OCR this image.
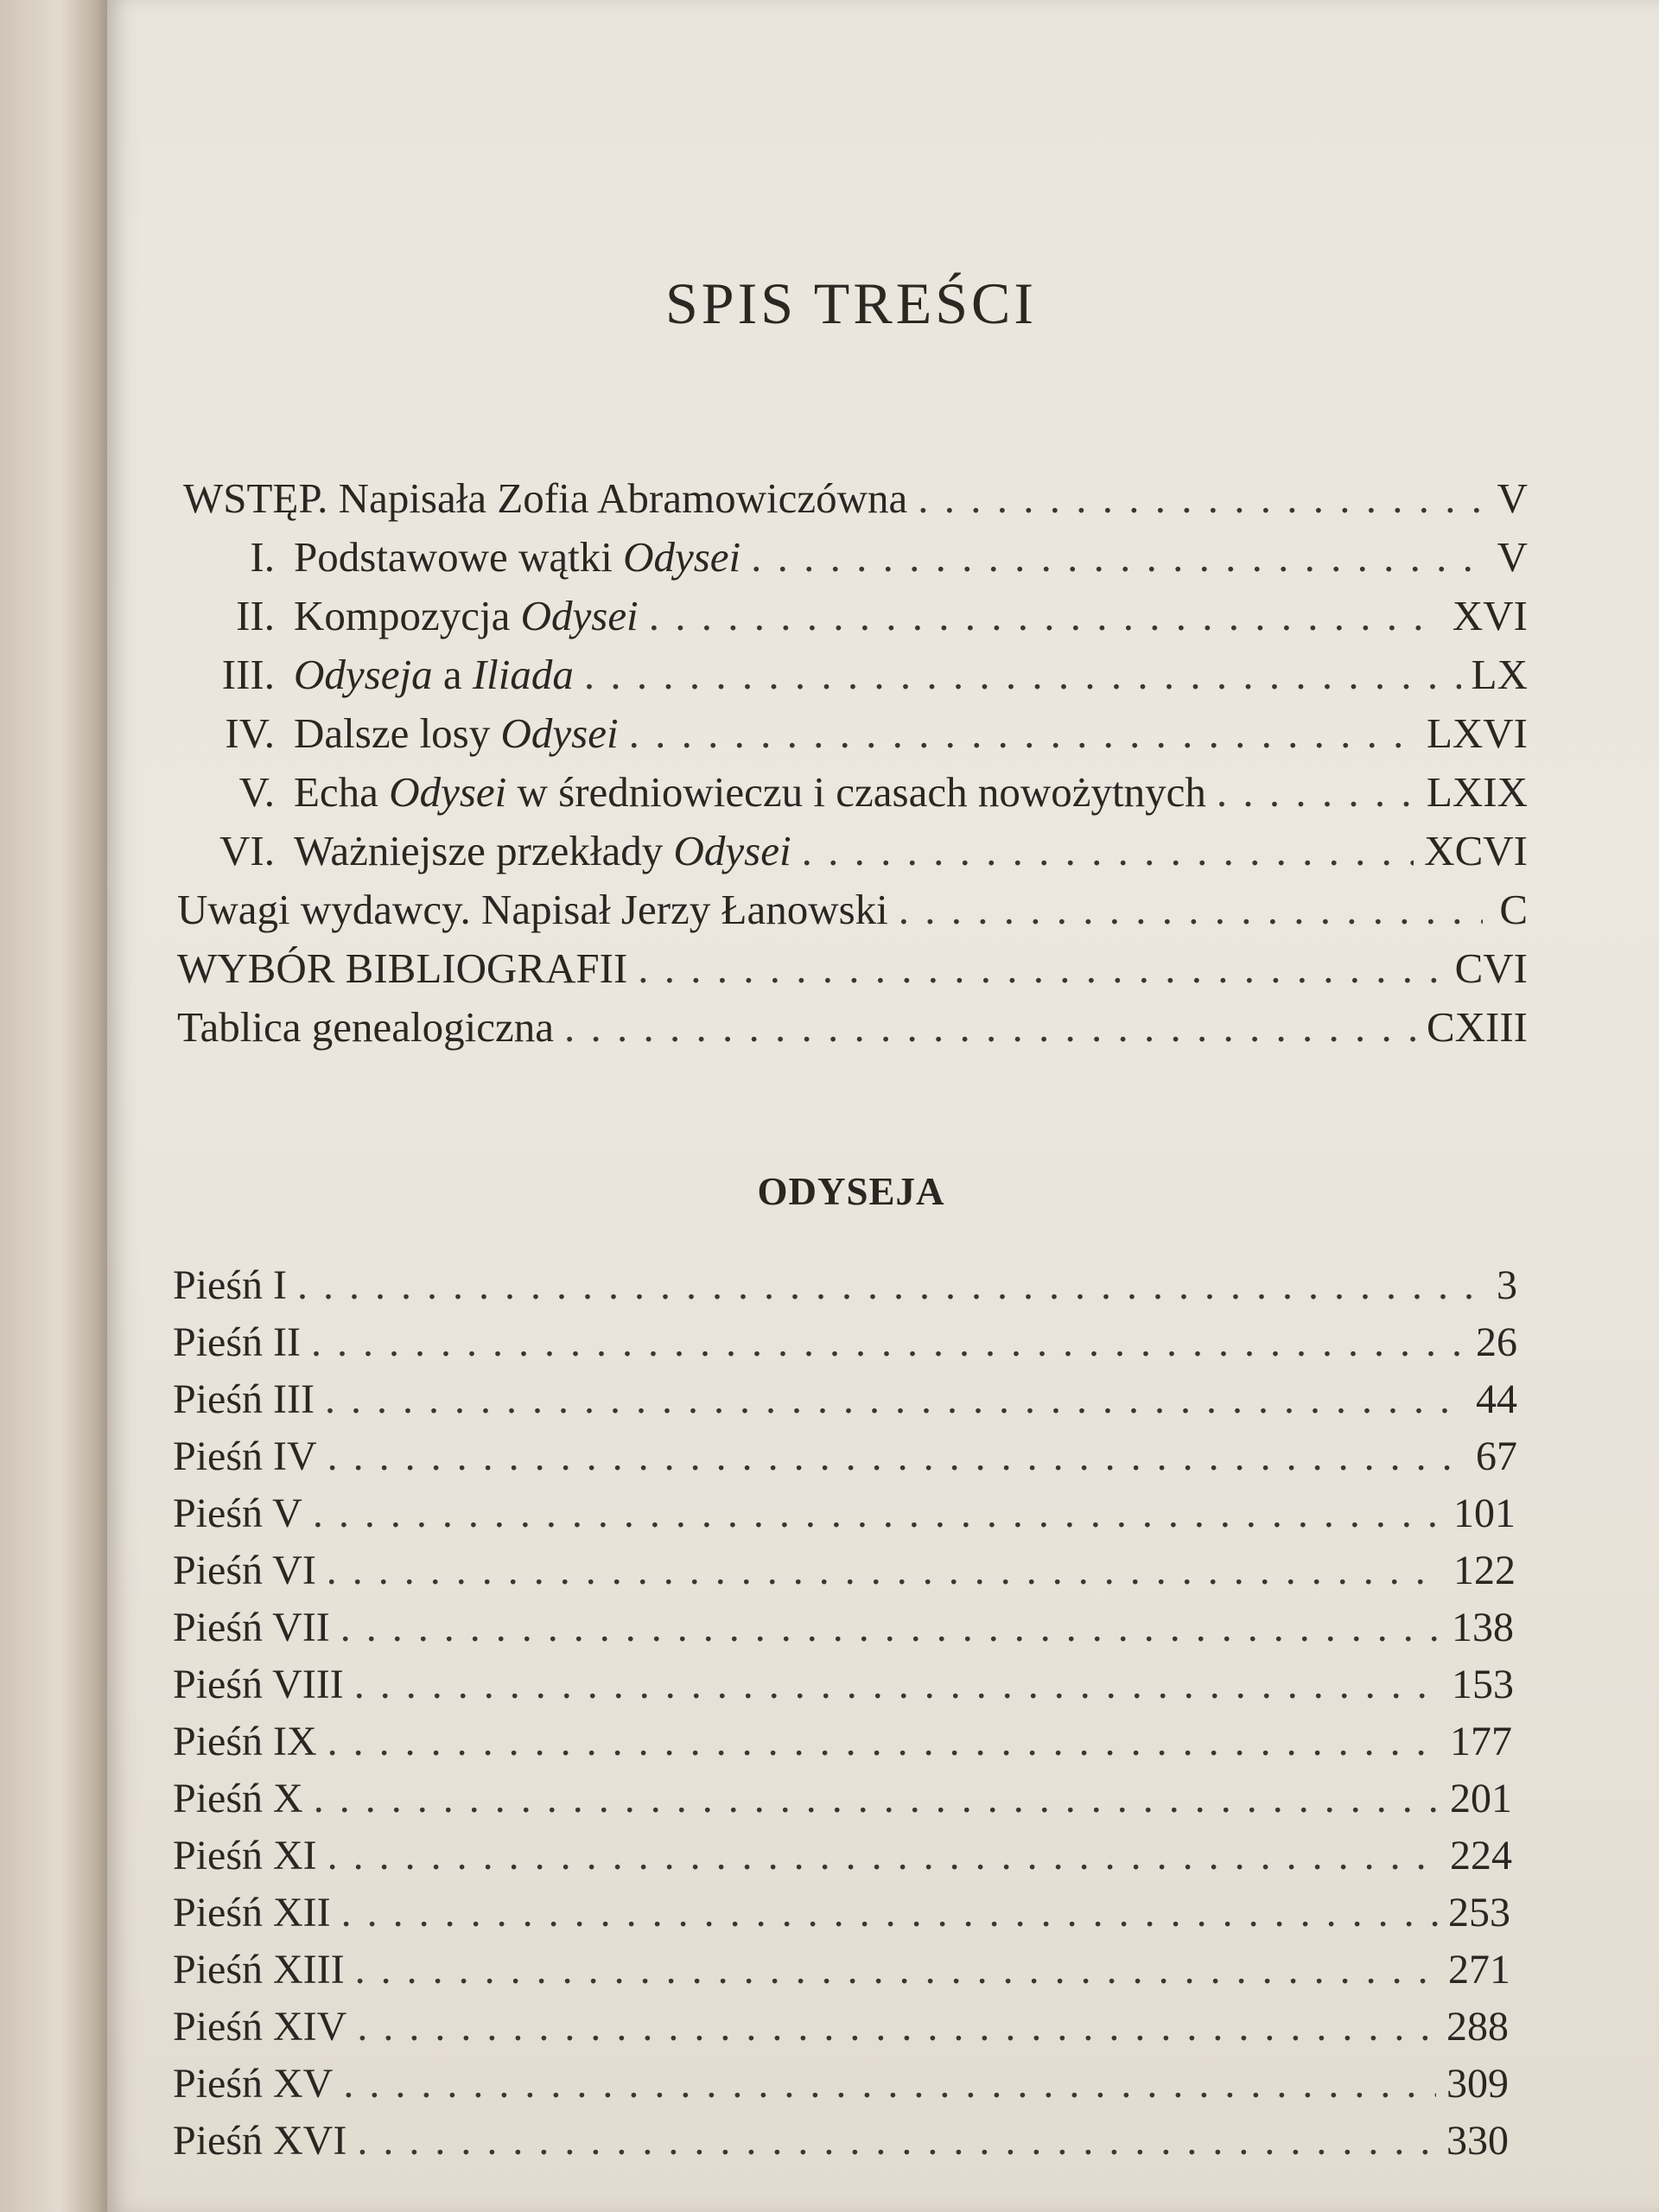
SPIS TREŚCI
WSTĘP. Napisała Zofia Abramowiczówna . . .	V
I. Podstawowe wątki Odysei . . .	V
II. Kompozycja Odysei . . .	XVI
III. Odyseja a Iliada . . .	LX
IV. Dalsze losy Odysei . . .	LXVI
V. Echa Odysei w średniowieczu i czasach nowożytnych . . .	LXIX
VI. Ważniejsze przekłady Odysei . . .	XCVI
Uwagi wydawcy. Napisał Jerzy Łanowski . . .	C
WYBÓR BIBLIOGRAFII . . .	CVI
Tablica genealogiczna . . .	CXIII
ODYSEJA
Pieśń I . . .	3
Pieśń II . . .	26
Pieśń III . . .	44
Pieśń IV . . .	67
Pieśń V . . .	101
Pieśń VI . . .	122
Pieśń VII . . .	138
Pieśń VIII . . .	153
Pieśń IX . . .	177
Pieśń X . . .	201
Pieśń XI . . .	224
Pieśń XII . . .	253
Pieśń XIII . . .	271
Pieśń XIV . . .	288
Pieśń XV . . .	309
Pieśń XVI . . .	330
